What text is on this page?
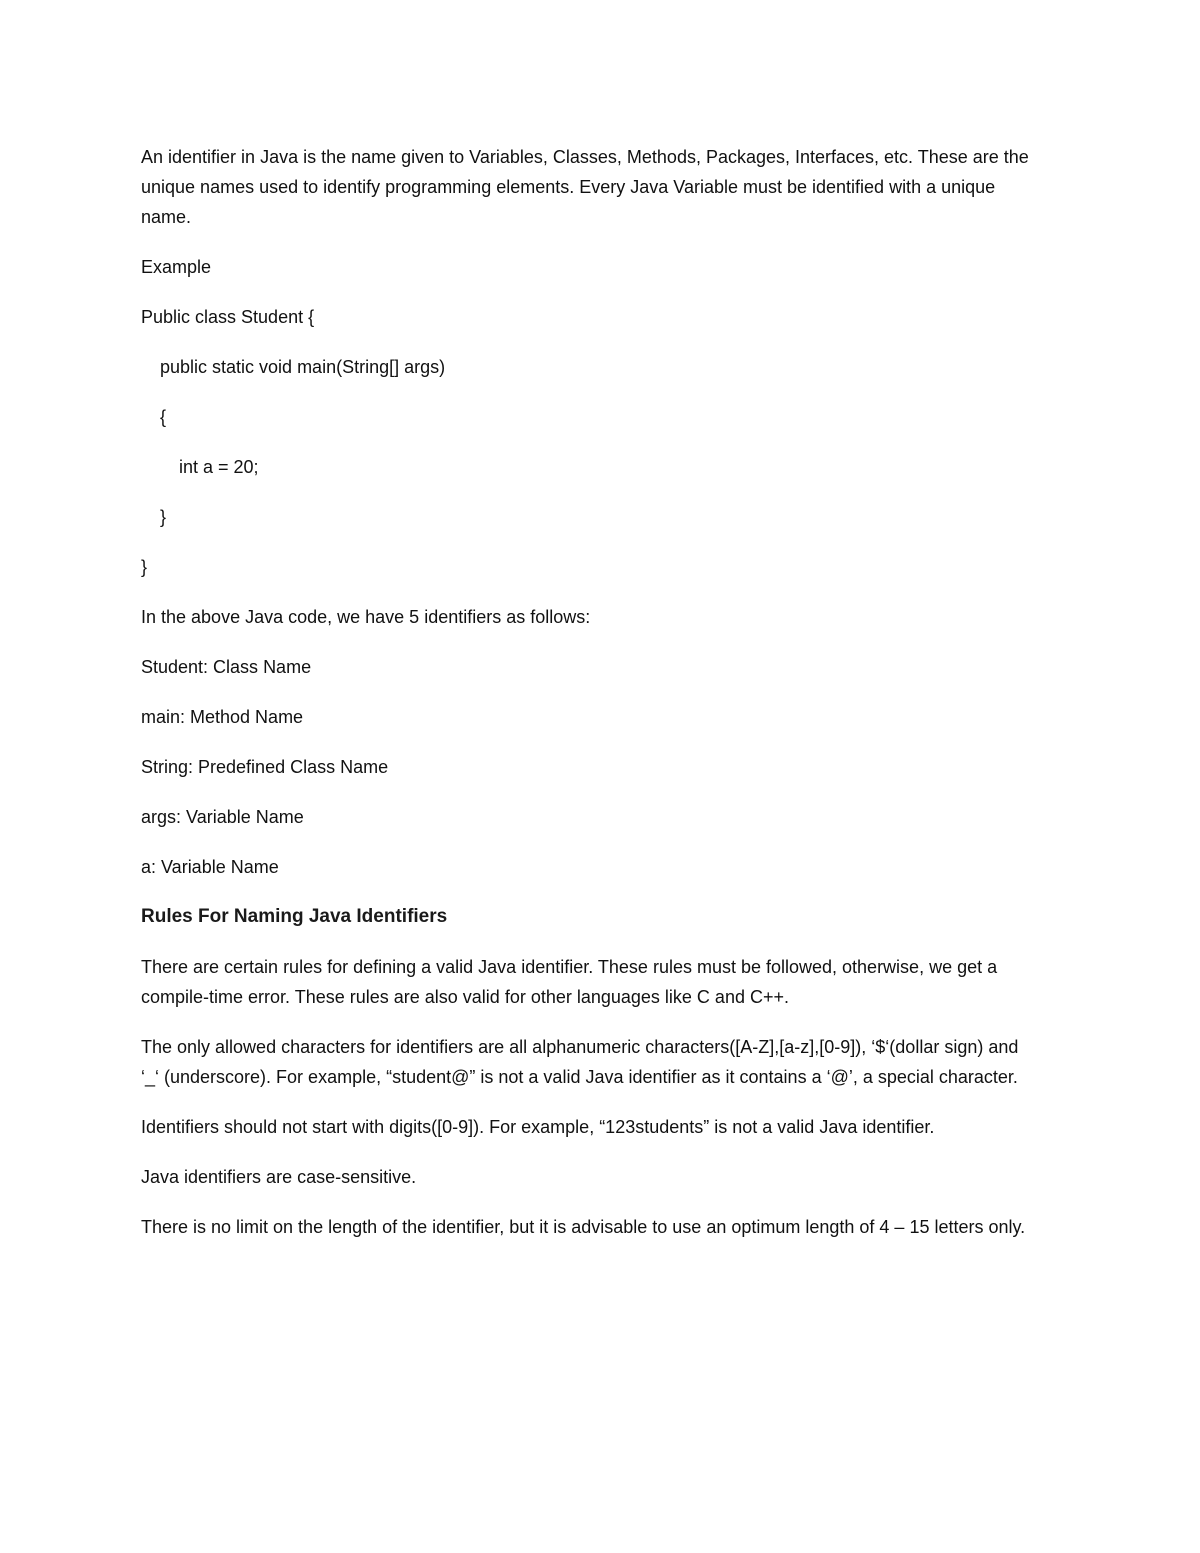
An identifier in Java is the name given to Variables, Classes, Methods, Packages, Interfaces, etc. These are the unique names used to identify programming elements. Every Java Variable must be identified with a unique name.

Example

Public class Student {
public static void main(String[] args)
{
int a = 20;
}
}

In the above Java code, we have 5 identifiers as follows:

Student: Class Name

main: Method Name

String: Predefined Class Name

args: Variable Name

a: Variable Name

Rules For Naming Java Identifiers

There are certain rules for defining a valid Java identifier. These rules must be followed, otherwise, we get a compile-time error. These rules are also valid for other languages like C and C++.

The only allowed characters for identifiers are all alphanumeric characters([A-Z],[a-z],[0-9]), ‘$‘(dollar sign) and ‘_‘ (underscore). For example, “student@” is not a valid Java identifier as it contains a ‘@’, a special character.

Identifiers should not start with digits([0-9]). For example, “123students” is not a valid Java identifier.

Java identifiers are case-sensitive.

There is no limit on the length of the identifier, but it is advisable to use an optimum length of 4 – 15 letters only.
